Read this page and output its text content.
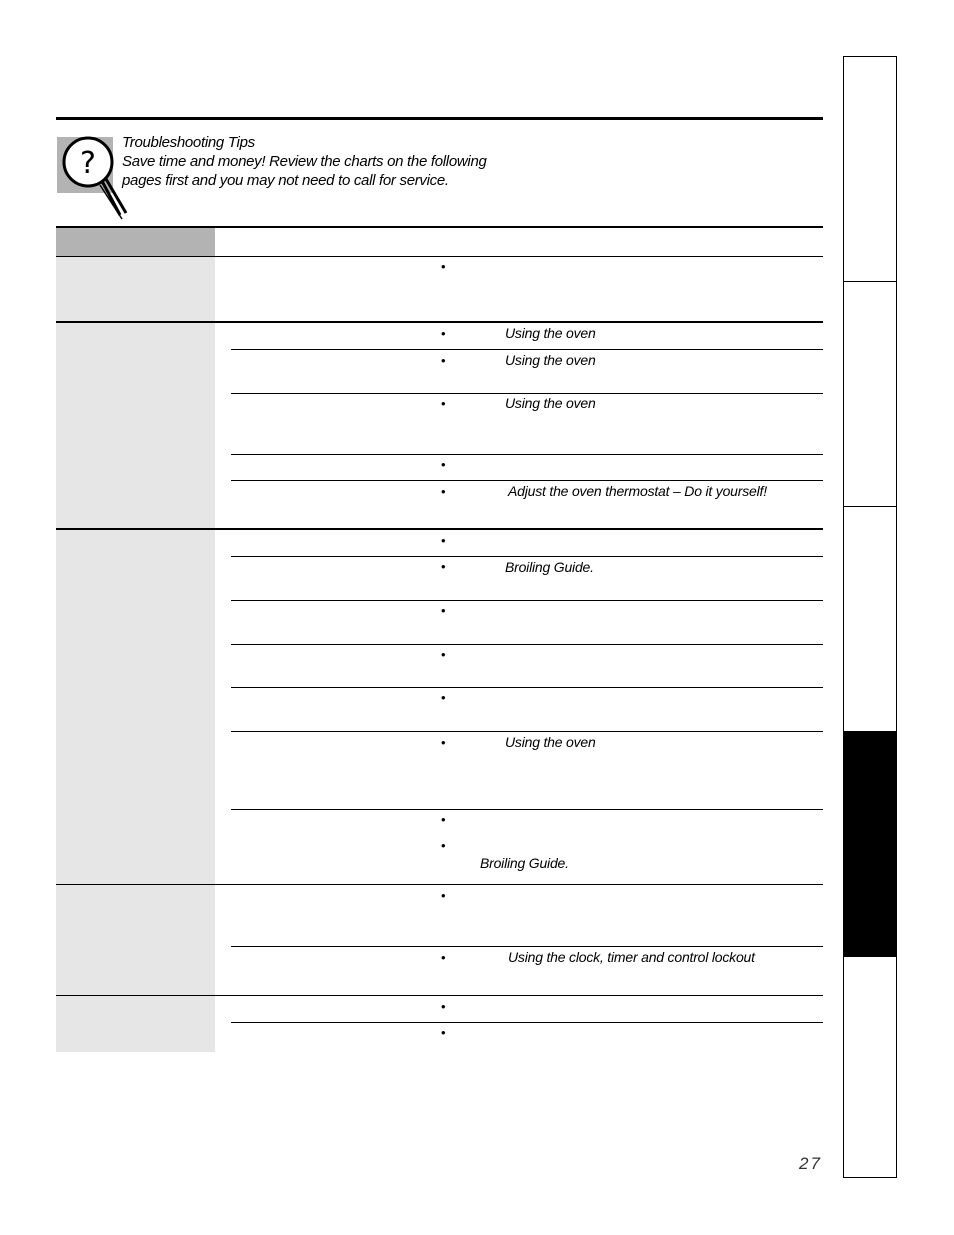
?
Troubleshooting Tips
Save time and money! Review the charts on the following
pages first and you may not need to call for service.
•
•
•
•
•
•
•
•
•
•
•
•
•
•
•
•
•
•
Using the oven
Using the oven
Using the oven
Adjust the oven thermostat – Do it yourself!
Broiling Guide.
Using the oven
Broiling Guide.
Using the clock, timer and control lockout
27
